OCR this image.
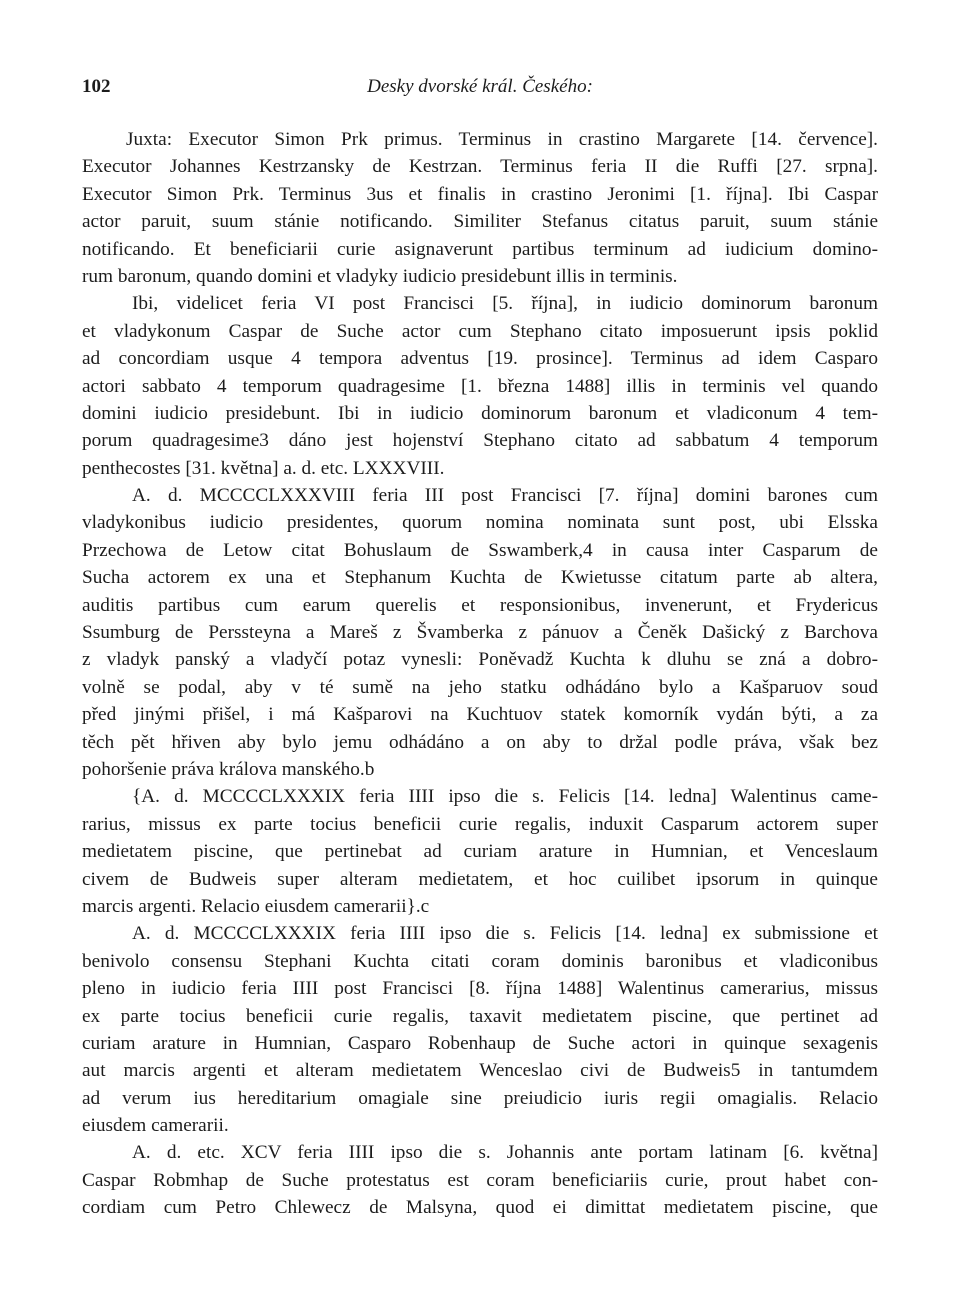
102	Desky dvorské král. Českého:
Juxta: Executor Simon Prk primus. Terminus in crastino Margarete [14. července].
Executor Johannes Kestrzansky de Kestrzan. Terminus feria II die Ruffi [27. srpna].
Executor Simon Prk. Terminus 3us et finalis in crastino Jeronimi [1. října]. Ibi Caspar
actor paruit, suum stánie notificando. Similiter Stefanus citatus paruit, suum stánie
notificando. Et beneficiarii curie asignaverunt partibus terminum ad iudicium domino-
rum baronum, quando domini et vladyky iudicio presidebunt illis in terminis.
Ibi, videlicet feria VI post Francisci [5. října], in iudicio dominorum baronum
et vladykonum Caspar de Suche actor cum Stephano citato imposuerunt ipsis poklid
ad concordiam usque 4 tempora adventus [19. prosince]. Terminus ad idem Casparo
actori sabbato 4 temporum quadragesime [1. března 1488] illis in terminis vel quando
domini iudicio presidebunt. Ibi in iudicio dominorum baronum et vladiconum 4 tem-
porum quadragesime3 dáno jest hojenství Stephano citato ad sabbatum 4 temporum
penthecostes [31. května] a. d. etc. LXXXVIII.
A. d. MCCCCLXXXVIII feria III post Francisci [7. října] domini barones cum
vladykonibus iudicio presidentes, quorum nomina nominata sunt post, ubi Elsska
Przechowa de Letow citat Bohuslaum de Sswamberk,4 in causa inter Casparum de
Sucha actorem ex una et Stephanum Kuchta de Kwietusse citatum parte ab altera,
auditis partibus cum earum querelis et responsionibus, invenerunt, et Frydericus
Ssumburg de Perssteyna a Mareš z Švamberka z pánuov a Čeněk Dašický z Barchova
z vladyk panský a vladyčí potaz vynesli: Poněvadž Kuchta k dluhu se zná a dobro-
volně se podal, aby v té sumě na jeho statku odhádáno bylo a Kašparuov soud
před jinými přišel, i má Kašparovi na Kuchtuov statek komorník vydán býti, a za
těch pět hřiven aby bylo jemu odhádáno a on aby to držal podle práva, však bez
pohoršenie práva králova manského.b
{A. d. MCCCCLXXXIX feria IIII ipso die s. Felicis [14. ledna] Walentinus came-
rarius, missus ex parte tocius beneficii curie regalis, induxit Casparum actorem super
medietatem piscine, que pertinebat ad curiam arature in Humnian, et Venceslaum
civem de Budweis super alteram medietatem, et hoc cuilibet ipsorum in quinque
marcis argenti. Relacio eiusdem camerarii}.c
A. d. MCCCCLXXXIX feria IIII ipso die s. Felicis [14. ledna] ex submissione et
benivolo consensu Stephani Kuchta citati coram dominis baronibus et vladiconibus
pleno in iudicio feria IIII post Francisci [8. října 1488] Walentinus camerarius, missus
ex parte tocius beneficii curie regalis, taxavit medietatem piscine, que pertinet ad
curiam arature in Humnian, Casparo Robenhaup de Suche actori in quinque sexagenis
aut marcis argenti et alteram medietatem Wenceslao civi de Budweis5 in tantumdem
ad verum ius hereditarium omagiale sine preiudicio iuris regii omagialis. Relacio
eiusdem camerarii.
A. d. etc. XCV feria IIII ipso die s. Johannis ante portam latinam [6. května]
Caspar Robmhap de Suche protestatus est coram beneficiariis curie, prout habet con-
cordiam cum Petro Chlewecz de Malsyna, quod ei dimittat medietatem piscine, que
